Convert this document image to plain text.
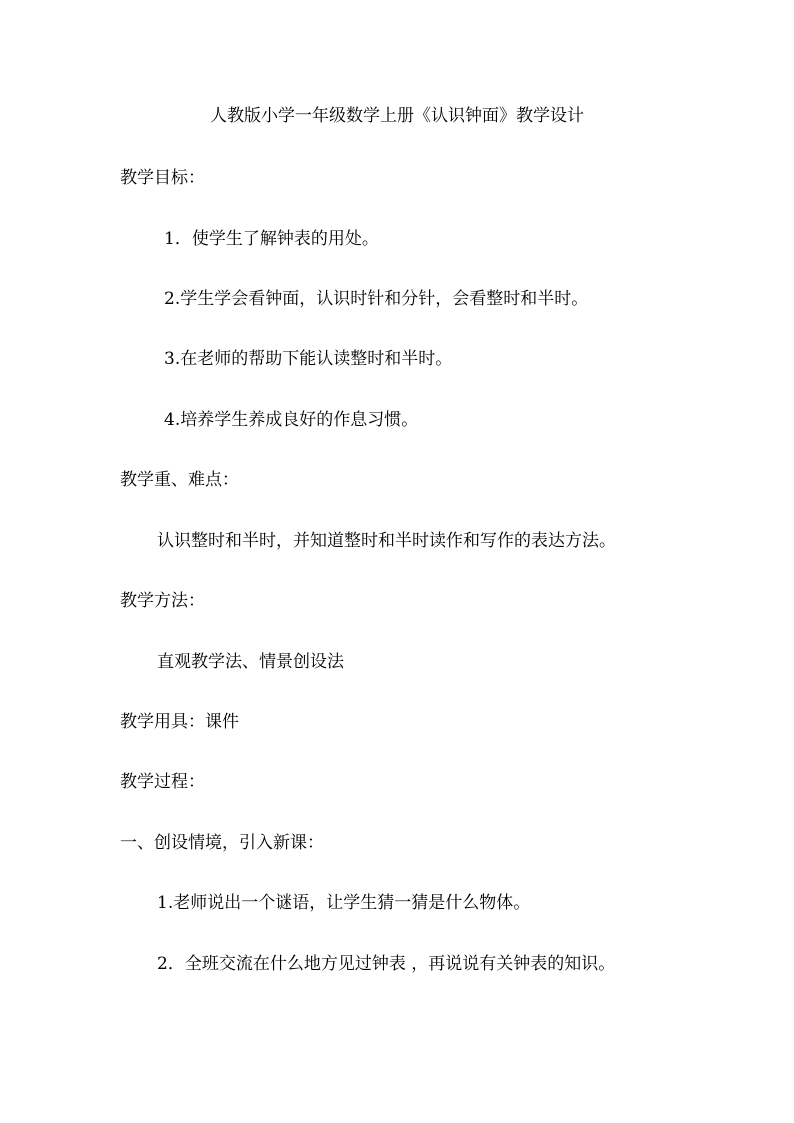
人教版小学一年级数学上册《认识钟面》教学设计

教学目标：

1．使学生了解钟表的用处。

2.学生学会看钟面，认识时针和分针，会看整时和半时。

3.在老师的帮助下能认读整时和半时。

4.培养学生养成良好的作息习惯。

教学重、难点：

认识整时和半时，并知道整时和半时读作和写作的表达方法。

教学方法：

直观教学法、情景创设法

教学用具：课件

教学过程：

一、创设情境，引入新课：

1.老师说出一个谜语，让学生猜一猜是什么物体。

2．全班交流在什么地方见过钟表 ，再说说有关钟表的知识。
